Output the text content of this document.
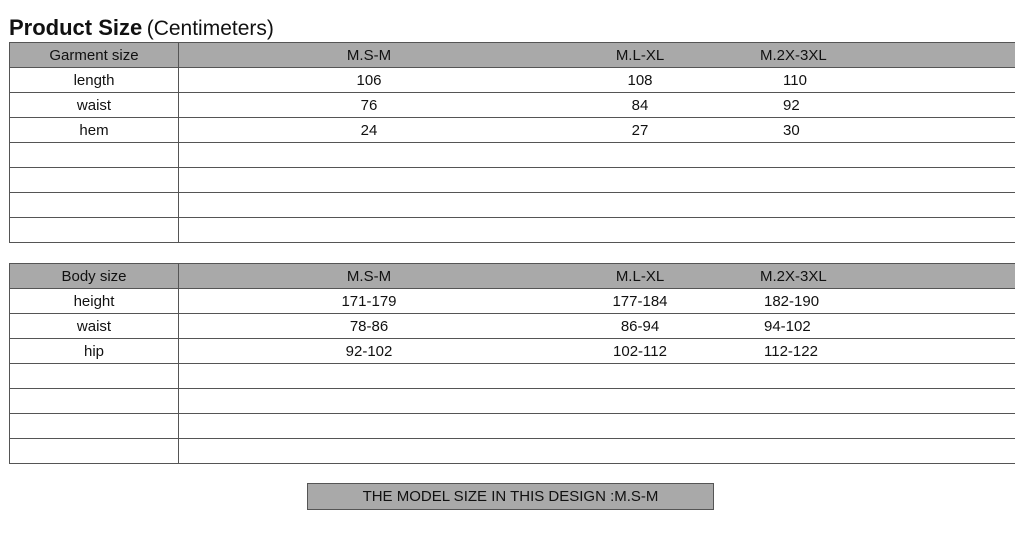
Product Size (Centimeters)
Garment size	M.S-M	M.L-XL	M.2X-3XL
length	106	108	110
waist	76	84	92
hem	24	27	30

Body size	M.S-M	M.L-XL	M.2X-3XL
height	171-179	177-184	182-190
waist	78-86	86-94	94-102
hip	92-102	102-112	112-122

THE MODEL SIZE IN THIS DESIGN :M.S-M
